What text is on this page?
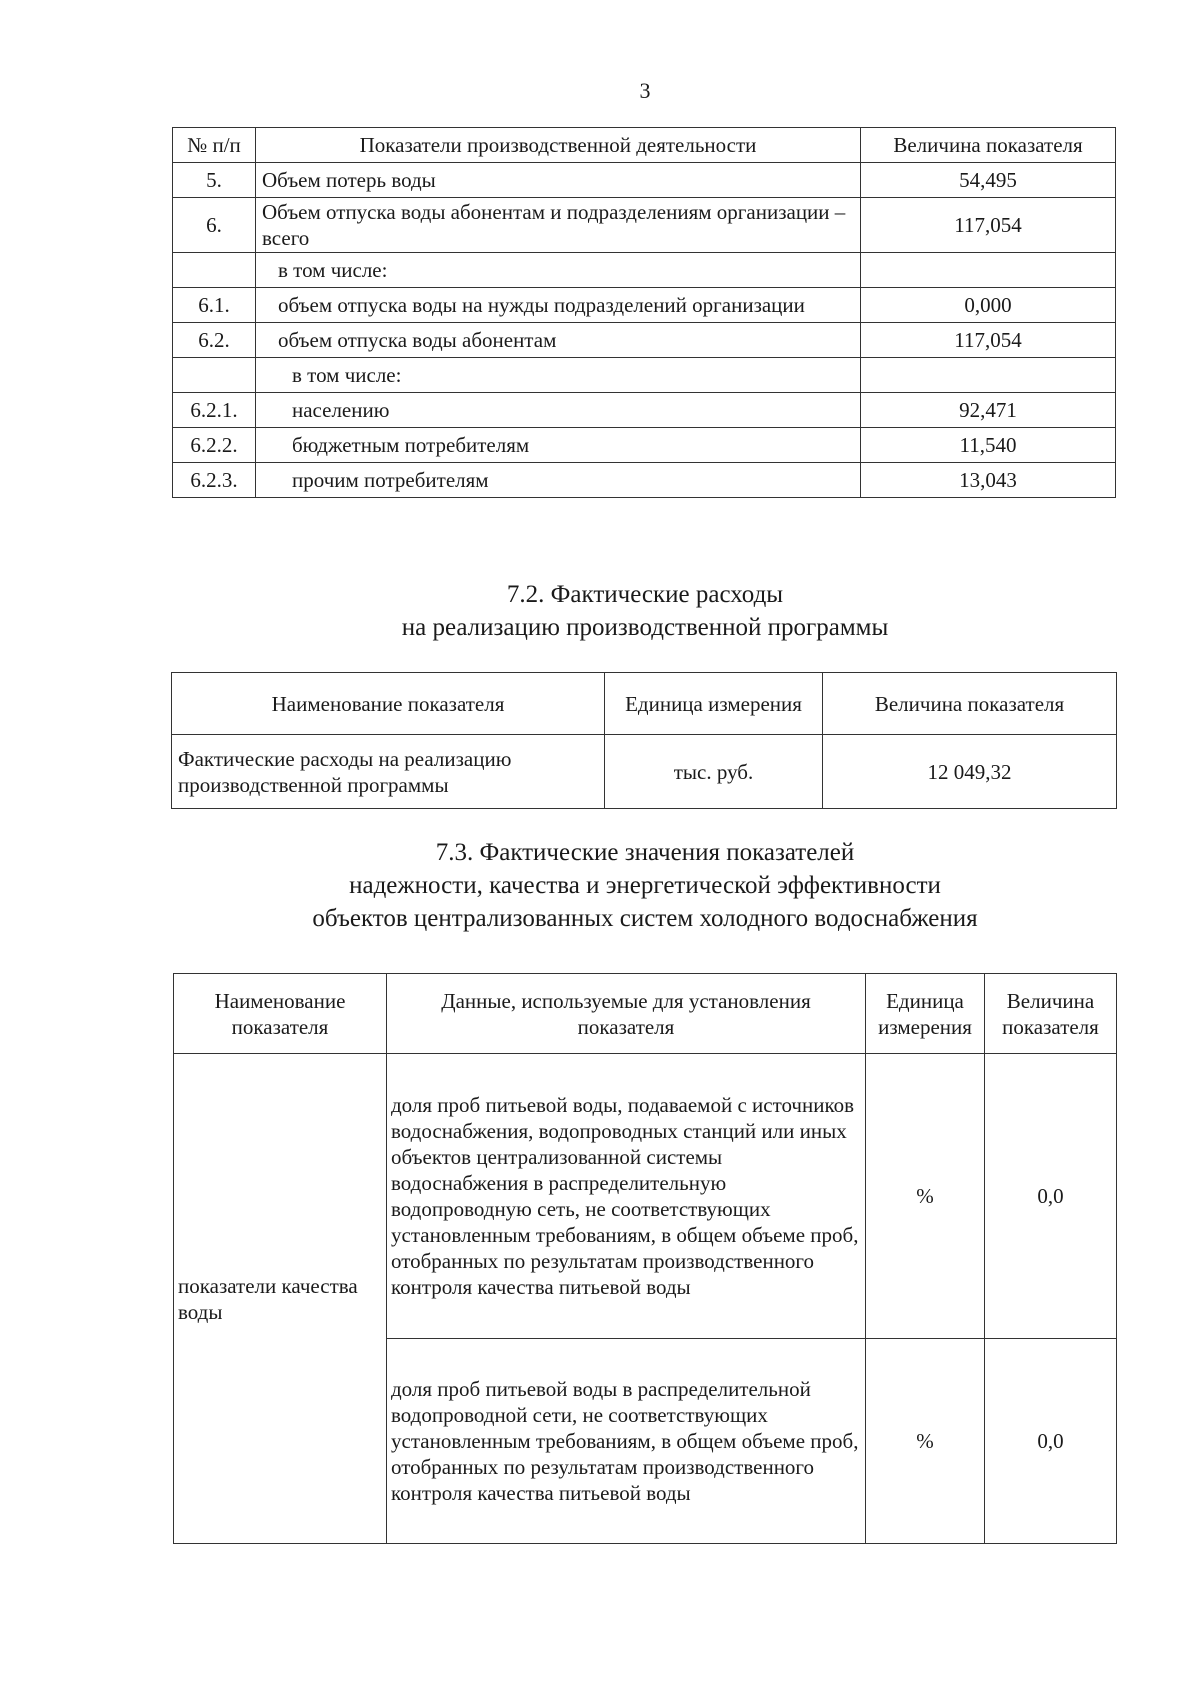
3
№ п/п	Показатели производственной деятельности	Величина показателя
5.	Объем потерь воды	54,495
6.	Объем отпуска воды абонентам и подразделениям организации – всего	117,054
	в том числе:	
6.1.	объем отпуска воды на нужды подразделений организации	0,000
6.2.	объем отпуска воды абонентам	117,054
	в том числе:	
6.2.1.	населению	92,471
6.2.2.	бюджетным потребителям	11,540
6.2.3.	прочим потребителям	13,043
7.2. Фактические расходы
на реализацию производственной программы
Наименование показателя	Единица измерения	Величина показателя
Фактические расходы на реализацию производственной программы	тыс. руб.	12 049,32
7.3. Фактические значения показателей
надежности, качества и энергетической эффективности
объектов централизованных систем холодного водоснабжения
Наименование показателя	Данные, используемые для установления показателя	Единица измерения	Величина показателя
показатели качества воды	доля проб питьевой воды, подаваемой с источников водоснабжения, водопроводных станций или иных объектов централизованной системы водоснабжения в распределительную водопроводную сеть, не соответствующих установленным требованиям, в общем объеме проб, отобранных по результатам производственного контроля качества питьевой воды	%	0,0
	доля проб питьевой воды в распределительной водопроводной сети, не соответствующих установленным требованиям, в общем объеме проб, отобранных по результатам производственного контроля качества питьевой воды	%	0,0
